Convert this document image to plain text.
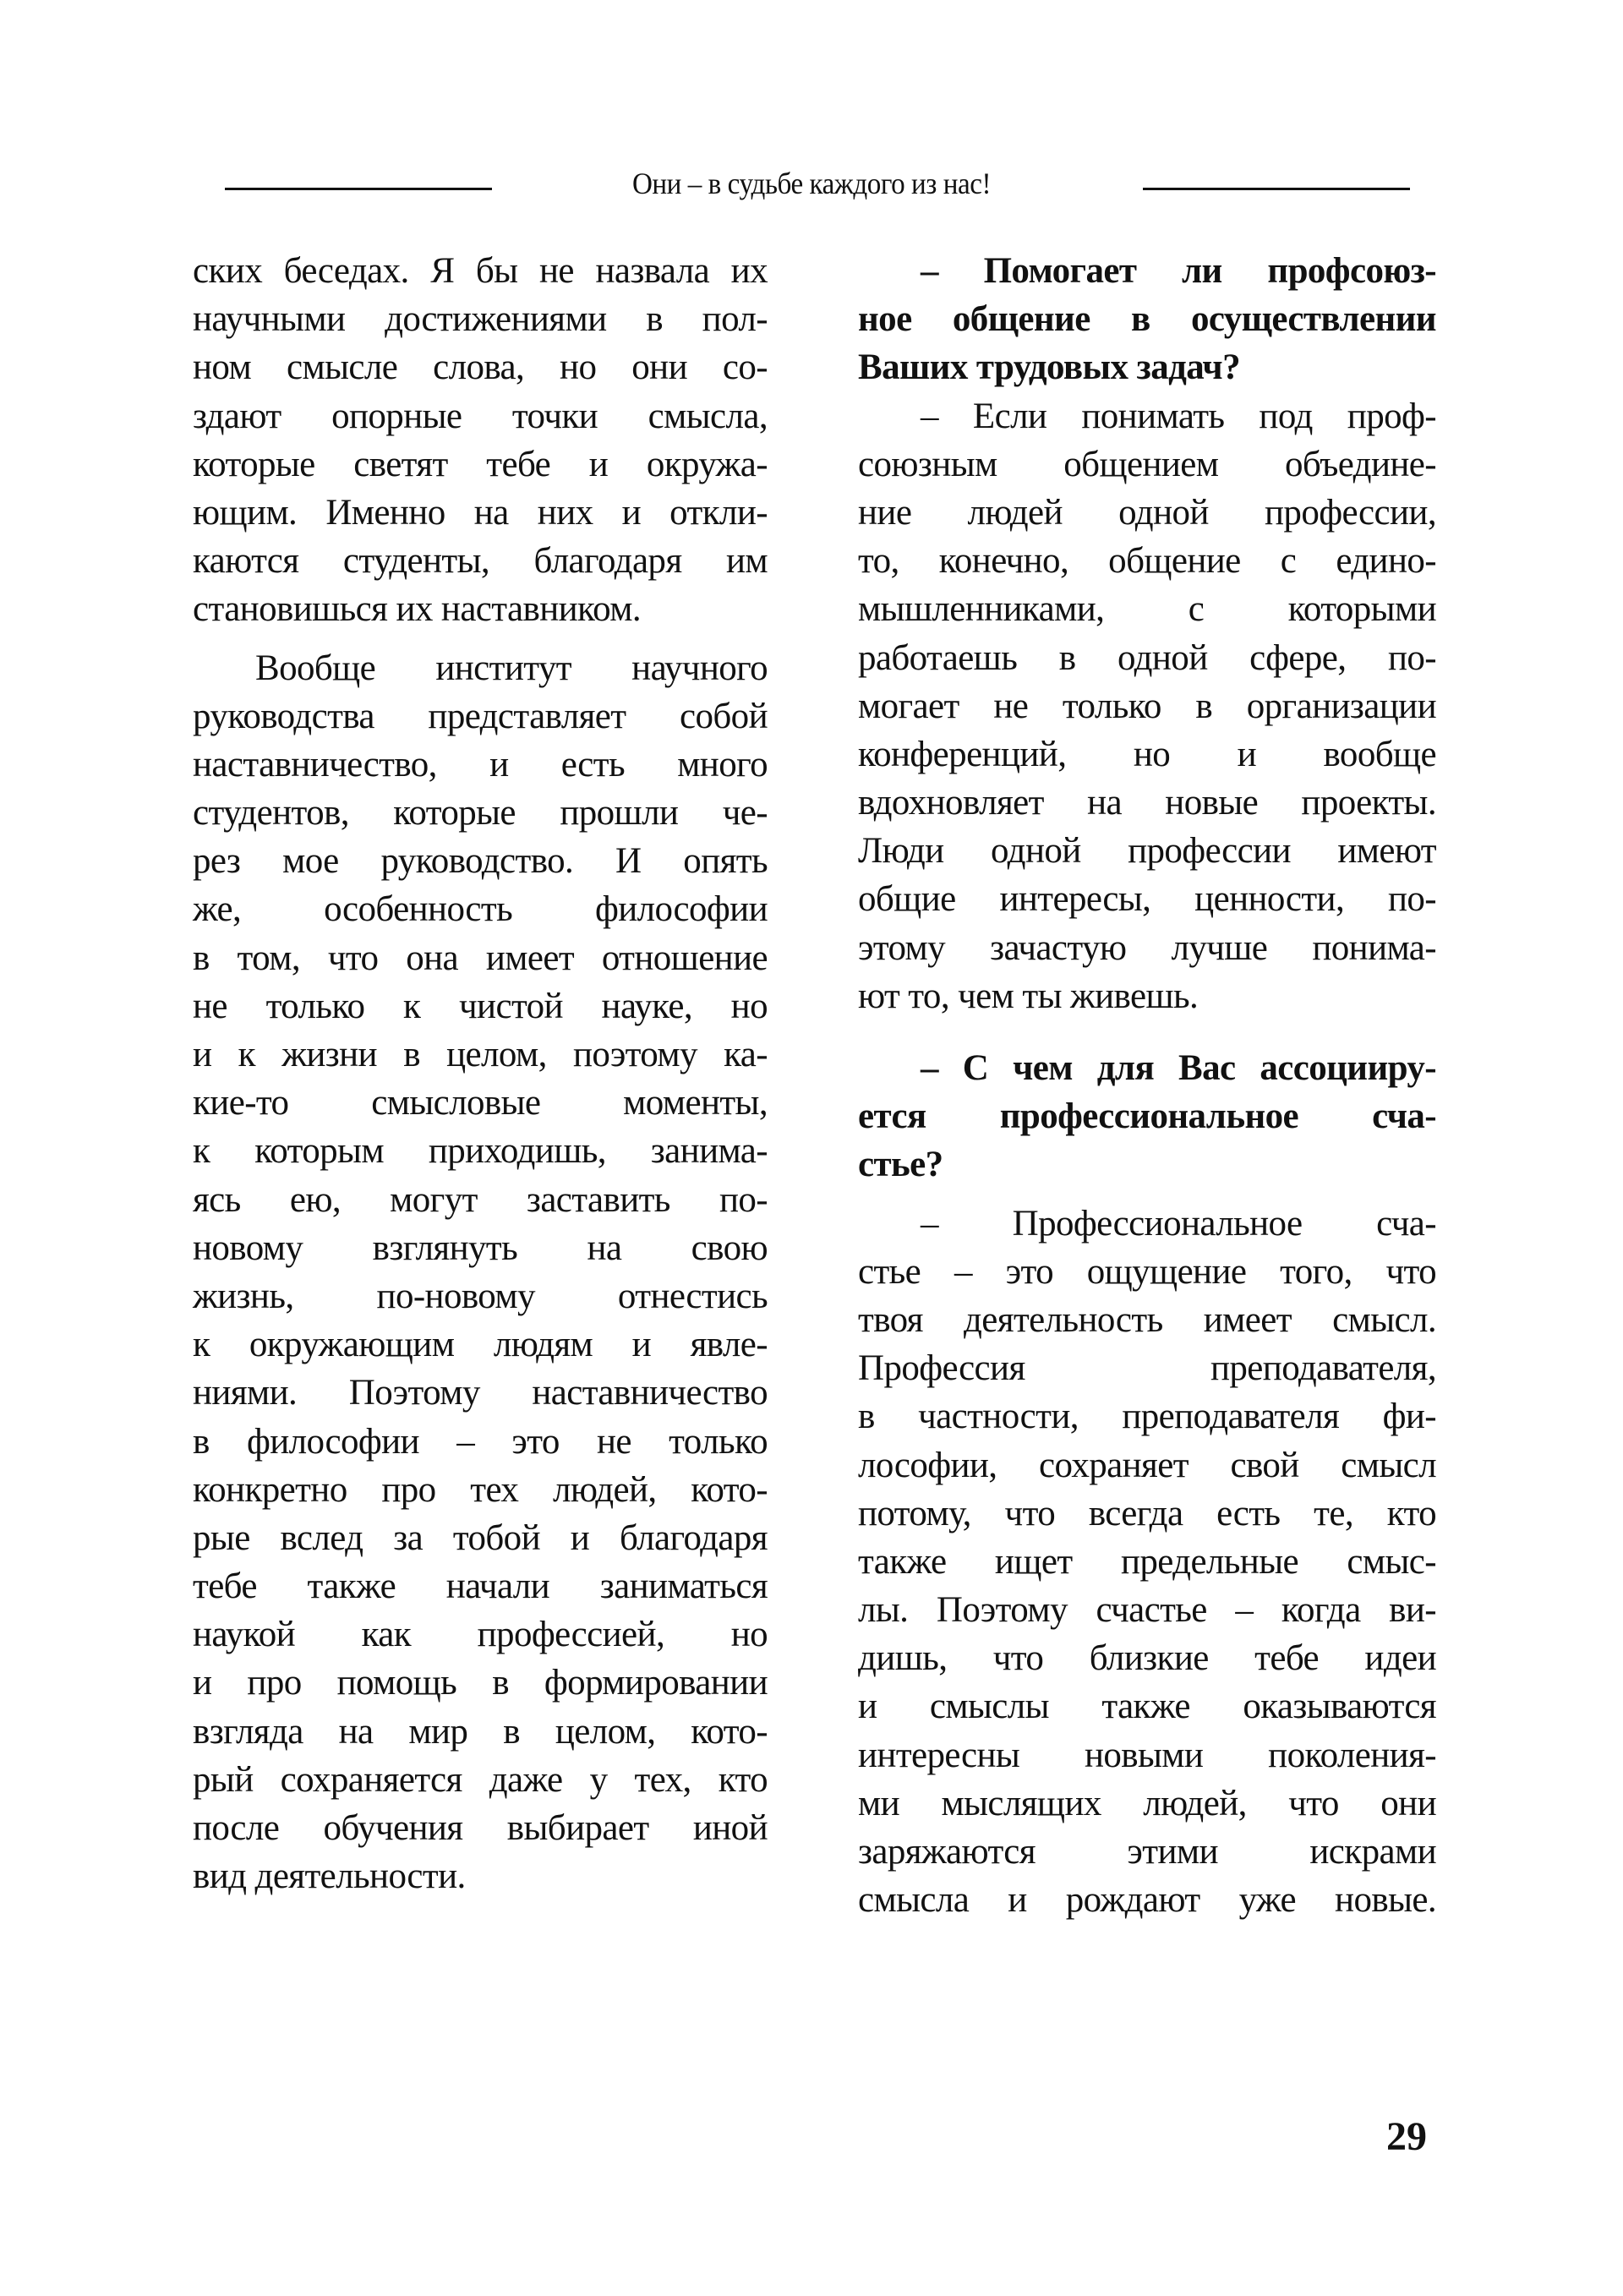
Они – в судьбе каждого из нас!
ских беседах. Я бы не назвала их
научными достижениями в пол-
ном смысле слова, но они со-
здают опорные точки смысла,
которые светят тебе и окружа-
ющим. Именно на них и откли-
каются студенты, благодаря им
становишься их наставником.
Вообще институт научного
руководства представляет собой
наставничество, и есть много
студентов, которые прошли че-
рез мое руководство. И опять
же, особенность философии
в том, что она имеет отношение
не только к чистой науке, но
и к жизни в целом, поэтому ка-
кие-то смысловые моменты,
к которым приходишь, занима-
ясь ею, могут заставить по-
новому взглянуть на свою
жизнь, по-новому отнестись
к окружающим людям и явле-
ниями. Поэтому наставничество
в философии – это не только
конкретно про тех людей, кото-
рые вслед за тобой и благодаря
тебе также начали заниматься
наукой как профессией, но
и про помощь в формировании
взгляда на мир в целом, кото-
рый сохраняется даже у тех, кто
после обучения выбирает иной
вид деятельности.
– Помогает ли профсоюз-
ное общение в осуществлении
Ваших трудовых задач?
– Если понимать под проф-
союзным общением объедине-
ние людей одной профессии,
то, конечно, общение с едино-
мышленниками, с которыми
работаешь в одной сфере, по-
могает не только в организации
конференций, но и вообще
вдохновляет на новые проекты.
Люди одной профессии имеют
общие интересы, ценности, по-
этому зачастую лучше понима-
ют то, чем ты живешь.
– С чем для Вас ассоцииру-
ется профессиональное сча-
стье?
– Профессиональное сча-
стье – это ощущение того, что
твоя деятельность имеет смысл.
Профессия преподавателя,
в частности, преподавателя фи-
лософии, сохраняет свой смысл
потому, что всегда есть те, кто
также ищет предельные смыс-
лы. Поэтому счастье – когда ви-
дишь, что близкие тебе идеи
и смыслы также оказываются
интересны новыми поколения-
ми мыслящих людей, что они
заряжаются этими искрами
смысла и рождают уже новые.
29
